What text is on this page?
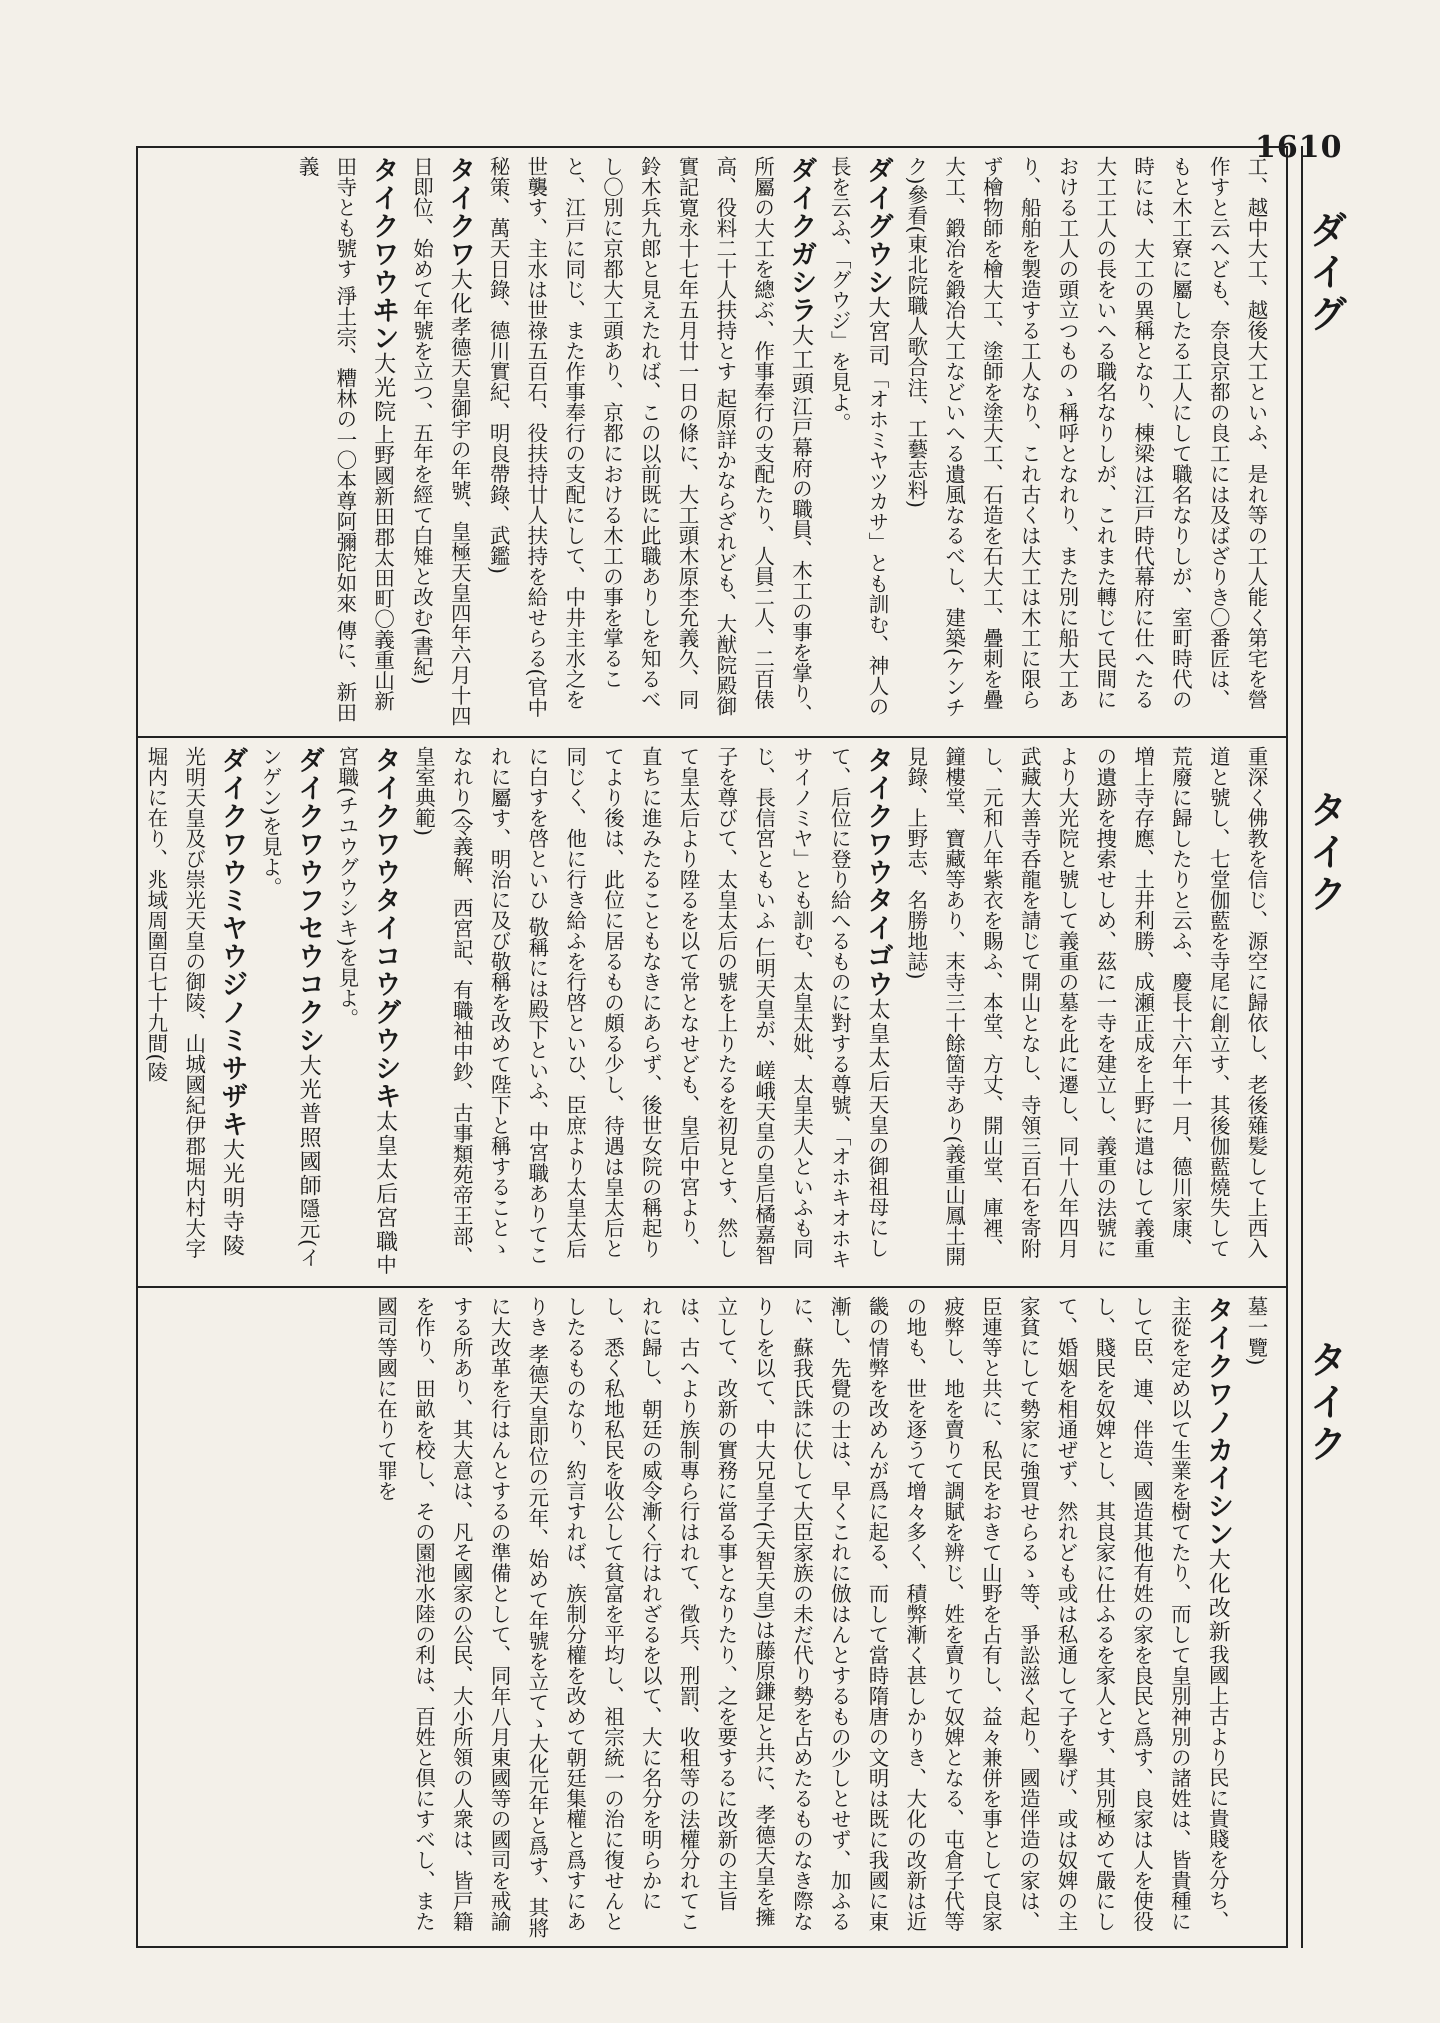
1610
ダイグ
タイク
タイク
工、越中大工、越後大工といふ、是れ等の工人能く第宅を營作すと云へども、奈良京都の良工には及ばざりき〇番匠は、もと木工寮に屬したる工人にして職名なりしが、室町時代の時には、大工の異稱となり、棟梁は江戸時代幕府に仕へたる大工工人の長をいへる職名なりしが、これまた轉じて民間における工人の頭立つものゝ稱呼となれり、また別に船大工あり、船舶を製造する工人なり、これ古くは大工は木工に限らず檜物師を檜大工、塗師を塗大工、石造を石大工、疊刺を疊大工、鍛冶を鍛冶大工などいへる遺風なるべし、建築(ケンチク)參看(東北院職人歌合注、工藝志料)
ダイグウシ大宮司「オホミヤツカサ」とも訓む、神人の長を云ふ、「グウジ」を見よ。
ダイクガシラ大工頭江戸幕府の職員、木工の事を掌り、所屬の大工を總ぶ、作事奉行の支配たり、人員二人、二百俵高、役料二十人扶持とす 起原詳かならざれども、大猷院殿御實記寛永十七年五月廿一日の條に、大工頭木原杢允義久、同鈴木兵九郎と見えたれば、この以前既に此職ありしを知るべし〇別に京都大工頭あり、京都における木工の事を掌ること、江戸に同じ、また作事奉行の支配にして、中井主水之を世襲す、主水は世祿五百石、役扶持廿人扶持を給せらる(官中秘策、萬天日錄、德川實紀、明良帶錄、武鑑)
タイクワ大化孝德天皇御宇の年號、皇極天皇四年六月十四日即位、始めて年號を立つ、五年を經て白雉と改む(書紀)
タイクワウヰン大光院上野國新田郡太田町〇義重山新田寺とも號す 淨土宗、糟林の一〇本尊阿彌陀如來 傳に、新田義
重深く佛教を信じ、源空に歸依し、老後薙髪して上西入道と號し、七堂伽藍を寺尾に創立す、其後伽藍燒失して荒廢に歸したりと云ふ、慶長十六年十一月、德川家康、増上寺存應、土井利勝、成瀬正成を上野に遣はして義重の遺跡を捜索せしめ、茲に一寺を建立し、義重の法號により大光院と號して義重の墓を此に遷し、同十八年四月武藏大善寺呑龍を請じて開山となし、寺領三百石を寄附し、元和八年紫衣を賜ふ、本堂、方丈、開山堂、庫裡、鐘樓堂、寶藏等あり、末寺三十餘箇寺あり(義重山鳳土開見錄、上野志、名勝地誌)
タイクワウタイゴウ太皇太后天皇の御祖母にして、后位に登り給へるものに對する尊號、「オホキオホキサイノミヤ」とも訓む、太皇太妣、太皇夫人といふも同じ、長信宮ともいふ 仁明天皇が、嵯峨天皇の皇后橘嘉智子を尊びて、太皇太后の號を上りたるを初見とす、然して皇太后より陞るを以て常となせども、皇后中宮より、直ちに進みたることもなきにあらず、後世女院の稱起りてより後は、此位に居るもの頗る少し、待遇は皇太后と同じく、他に行き給ふを行啓といひ、臣庶より太皇太后に白すを啓といひ 敬稱には殿下といふ、中宮職ありてこれに屬す、明治に及び敬稱を改めて陛下と稱することゝなれり(令義解、西宮記、有職袖中鈔、古事類苑帝王部、皇室典範)
タイクワウタイコウグウシキ太皇太后宮職中宮職(チユウグウシキ)を見よ。
ダイクワウフセウコクシ大光普照國師隱元(インゲン)を見よ。
ダイクワウミヤウジノミサザキ大光明寺陵光明天皇及び崇光天皇の御陵、山城國紀伊郡堀内村大字堀内に在り、兆域周圍百七十九間(陵
墓一覽)
タイクワノカイシン大化改新我國上古より民に貴賤を分ち、主從を定め以て生業を樹てたり、而して皇別神別の諸姓は、皆貴種にして臣、連、伴造、國造其他有姓の家を良民と爲す、良家は人を使役し、賤民を奴婢とし、其良家に仕ふるを家人とす、其別極めて嚴にして、婚姻を相通ぜず、然れども或は私通して子を擧げ、或は奴婢の主家貧にして勢家に強買せらるゝ等、爭訟滋く起り、國造伴造の家は、臣連等と共に、私民をおきて山野を占有し、益々兼併を事として良家疲弊し、地を賣りて調賦を辨じ、姓を賣りて奴婢となる、屯倉子代等の地も、世を逐うて增々多く、積弊漸く甚しかりき、大化の改新は近畿の情弊を改めんが爲に起る、而して當時隋唐の文明は既に我國に東漸し、先覺の士は、早くこれに倣はんとするもの少しとせず、加ふるに、蘇我氏誅に伏して大臣家族の未だ代り勢を占めたるものなき際なりしを以て、中大兄皇子(天智天皇)は藤原鎌足と共に、孝德天皇を擁立して、改新の實務に當る事となりたり、之を要するに改新の主旨は、古へより族制專ら行はれて、徵兵、刑罰、收租等の法權分れてこれに歸し、朝廷の威令漸く行はれざるを以て、大に名分を明らかにし、悉く私地私民を收公して貧富を平均し、祖宗統一の治に復せんとしたるものなり、約言すれば、族制分權を改めて朝廷集權と爲すにありき 孝德天皇即位の元年、始めて年號を立てゝ大化元年と爲す、其將に大改革を行はんとするの準備として、同年八月東國等の國司を戒諭する所あり、其大意は、凡そ國家の公民、大小所領の人衆は、皆戸籍を作り、田畝を校し、その園池水陸の利は、百姓と倶にすべし、また國司等國に在りて罪を
